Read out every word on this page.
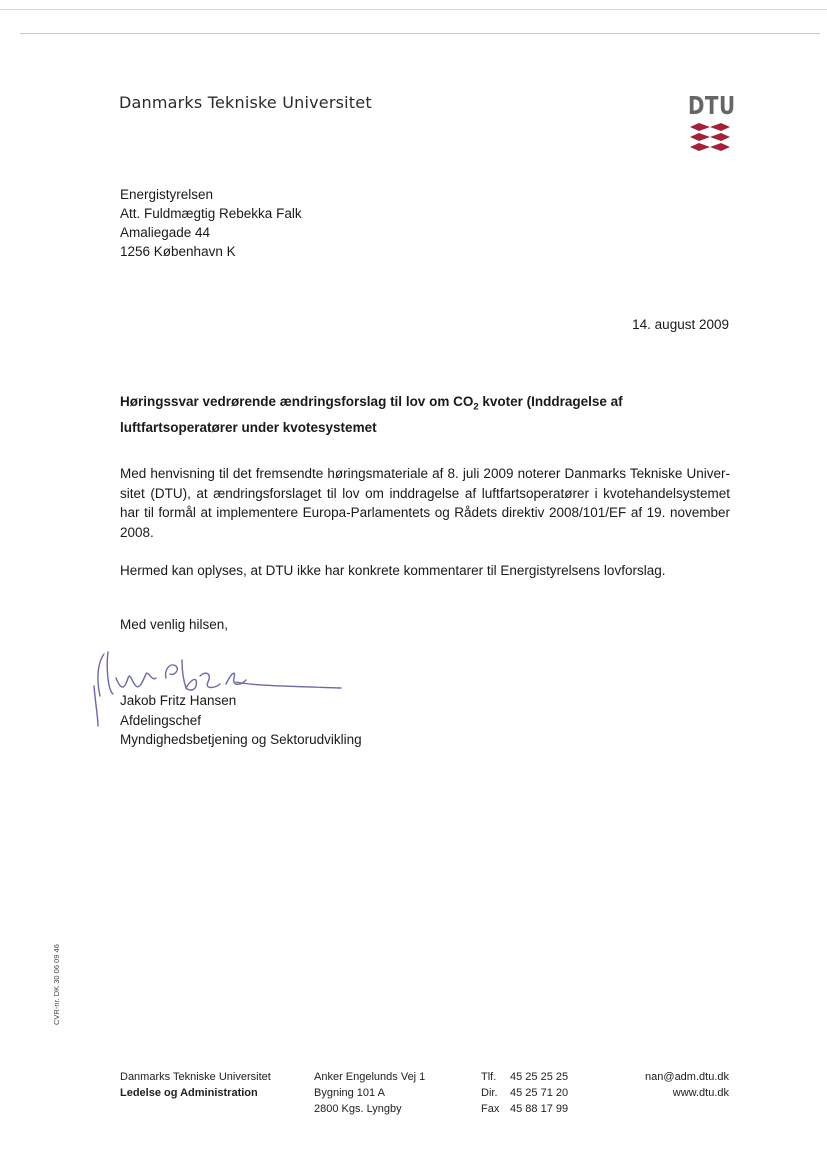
Danmarks Tekniske Universitet	DTU
Energistyrelsen
Att. Fuldmægtig Rebekka Falk
Amaliegade 44
1256 København K
14. august 2009
Høringssvar vedrørende ændringsforslag til lov om $CO_2$ kvoter (Inddragelse af luftfartsoperatører under kvotesystemet
Med henvisning til det fremsendte høringsmateriale af 8. juli 2009 noterer Danmarks Tekniske Universitet (DTU), at ændringsforslaget til lov om inddragelse af luftfartsoperatører i kvotehandelsystemet har til formål at implementere Europa-Parlamentets og Rådets direktiv 2008/101/EF af 19. november 2008.
Hermed kan oplyses, at DTU ikke har konkrete kommentarer til Energistyrelsens lovforslag.
Med venlig hilsen,
Jakob Fritz Hansen
Afdelingschef
Myndighedsbetjening og Sektorudvikling
CVR-nr. DK 30 06 09 46
Danmarks Tekniske Universitet
Ledelse og Administration
Anker Engelunds Vej 1
Bygning 101 A
2800 Kgs. Lyngby
Tlf. 45 25 25 25
Dir. 45 25 71 20
Fax 45 88 17 99
nan@adm.dtu.dk
www.dtu.dk
